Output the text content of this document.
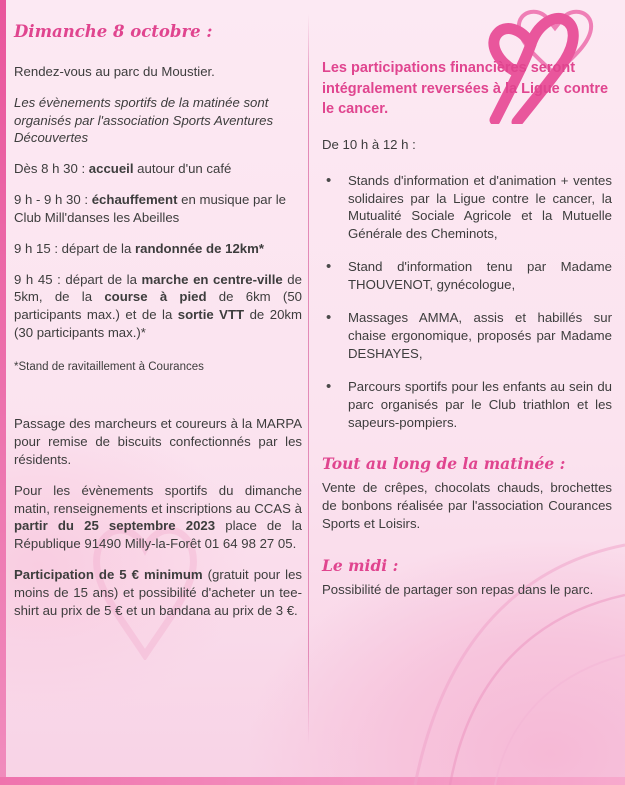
Dimanche 8 octobre :

Rendez-vous au parc du Moustier.

Les évènements sportifs de la matinée sont organisés par l'association Sports Aventures Découvertes

Dès 8 h 30 : accueil autour d'un café

9 h - 9 h 30 : échauffement en musique par le Club Mill'danses les Abeilles

9 h 15 : départ de la randonnée de 12km*

9 h 45 : départ de la marche en centre-ville de 5km, de la course à pied de 6km (50 participants max.) et de la sortie VTT de 20km (30 participants max.)*

*Stand de ravitaillement à Courances

Passage des marcheurs et coureurs à la MARPA pour remise de biscuits confectionnés par les résidents.

Pour les évènements sportifs du dimanche matin, renseignements et inscriptions au CCAS à partir du 25 septembre 2023 place de la République 91490 Milly-la-Forêt 01 64 98 27 05.

Participation de 5 € minimum (gratuit pour les moins de 15 ans) et possibilité d'acheter un tee-shirt au prix de 5 € et un bandana au prix de 3 €.

Les participations financières seront intégralement reversées à la Ligue contre le cancer.

De 10 h à 12 h :

• Stands d'information et d'animation + ventes solidaires par la Ligue contre le cancer, la Mutualité Sociale Agricole et la Mutuelle Générale des Cheminots,
• Stand d'information tenu par Madame THOUVENOT, gynécologue,
• Massages AMMA, assis et habillés sur chaise ergonomique, proposés par Madame DESHAYES,
• Parcours sportifs pour les enfants au sein du parc organisés par le Club triathlon et les sapeurs-pompiers.
Tout au long de la matinée :

Vente de crêpes, chocolats chauds, brochettes de bonbons réalisée par l'association Courances Sports et Loisirs.

Le midi :

Possibilité de partager son repas dans le parc.
